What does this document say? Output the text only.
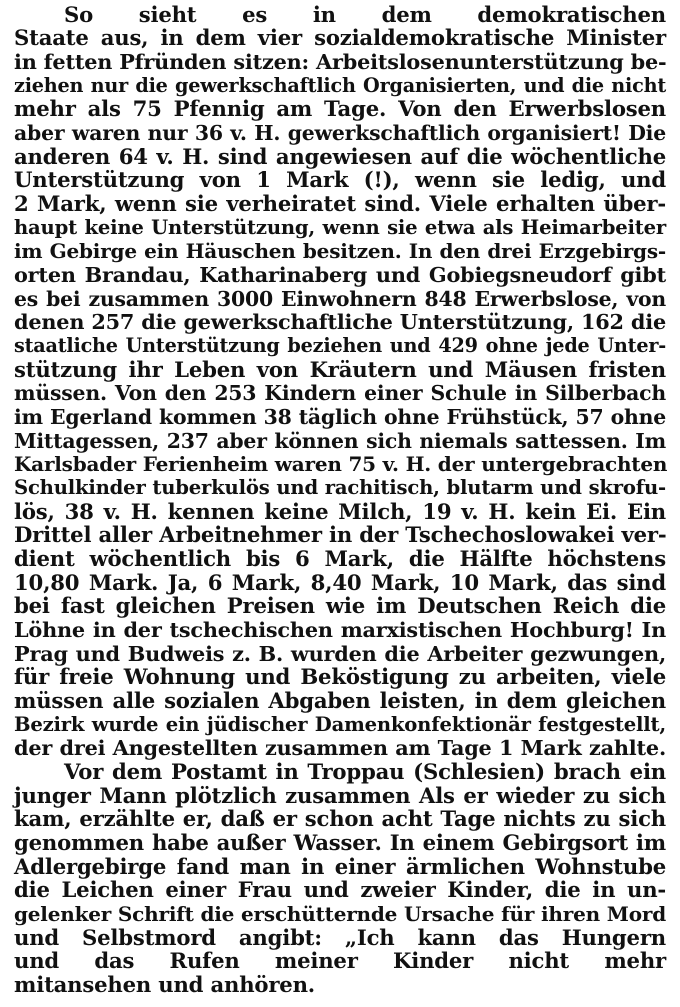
So sieht es in dem demokratischen
Staate aus, in dem vier sozialdemokratische Minister
in fetten Pfründen sitzen: Arbeitslosenunterstützung be-
ziehen nur die gewerkschaftlich Organisierten, und die nicht
mehr als 75 Pfennig am Tage. Von den Erwerbslosen
aber waren nur 36 v. H. gewerkschaftlich organisiert! Die
anderen 64 v. H. sind angewiesen auf die wöchentliche
Unterstützung von 1 Mark (!), wenn sie ledig, und
2 Mark, wenn sie verheiratet sind. Viele erhalten über-
haupt keine Unterstützung, wenn sie etwa als Heimarbeiter
im Gebirge ein Häuschen besitzen. In den drei Erzgebirgs-
orten Brandau, Katharinaberg und Gobiegsneudorf gibt
es bei zusammen 3000 Einwohnern 848 Erwerbslose, von
denen 257 die gewerkschaftliche Unterstützung, 162 die
staatliche Unterstützung beziehen und 429 ohne jede Unter-
stützung ihr Leben von Kräutern und Mäusen fristen
müssen. Von den 253 Kindern einer Schule in Silberbach
im Egerland kommen 38 täglich ohne Frühstück, 57 ohne
Mittagessen, 237 aber können sich niemals sattessen. Im
Karlsbader Ferienheim waren 75 v. H. der untergebrachten
Schulkinder tuberkulös und rachitisch, blutarm und skrofu-
lös, 38 v. H. kennen keine Milch, 19 v. H. kein Ei. Ein
Drittel aller Arbeitnehmer in der Tschechoslowakei ver-
dient wöchentlich bis 6 Mark, die Hälfte höchstens
10,80 Mark. Ja, 6 Mark, 8,40 Mark, 10 Mark, das sind
bei fast gleichen Preisen wie im Deutschen Reich die
Löhne in der tschechischen marxistischen Hochburg! In
Prag und Budweis z. B. wurden die Arbeiter gezwungen,
für freie Wohnung und Beköstigung zu arbeiten, viele
müssen alle sozialen Abgaben leisten, in dem gleichen
Bezirk wurde ein jüdischer Damenkonfektionär festgestellt,
der drei Angestellten zusammen am Tage 1 Mark zahlte.
Vor dem Postamt in Troppau (Schlesien) brach ein
junger Mann plötzlich zusammen Als er wieder zu sich
kam, erzählte er, daß er schon acht Tage nichts zu sich
genommen habe außer Wasser. In einem Gebirgsort im
Adlergebirge fand man in einer ärmlichen Wohnstube
die Leichen einer Frau und zweier Kinder, die in un-
gelenker Schrift die erschütternde Ursache für ihren Mord
und Selbstmord angibt: „Ich kann das Hungern
und das Rufen meiner Kinder nicht mehr
mitansehen und anhören.
